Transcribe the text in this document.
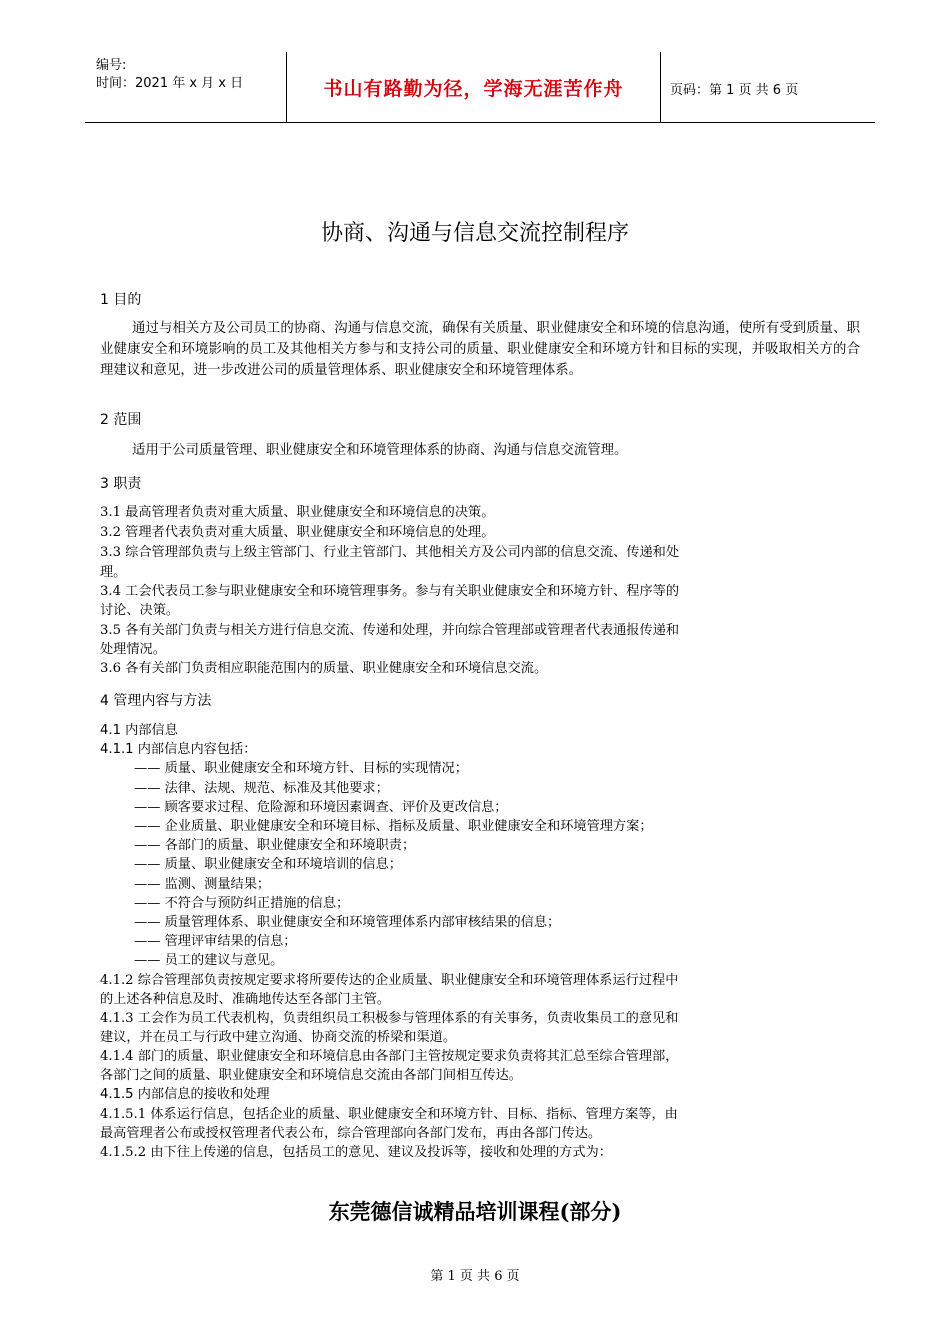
编号:
时间：2021 年 x 月 x 日	书山有路勤为径，学海无涯苦作舟	页码：第 1 页 共 6 页
协商、沟通与信息交流控制程序
1 目的
通过与相关方及公司员工的协商、沟通与信息交流，确保有关质量、职业健康安全和环境的信息沟通，使所有受到质量、职业健康安全和环境影响的员工及其他相关方参与和支持公司的质量、职业健康安全和环境方针和目标的实现，并吸取相关方的合理建议和意见，进一步改进公司的质量管理体系、职业健康安全和环境管理体系。
2 范围
适用于公司质量管理、职业健康安全和环境管理体系的协商、沟通与信息交流管理。
3 职责
3.1 最高管理者负责对重大质量、职业健康安全和环境信息的决策。
3.2 管理者代表负责对重大质量、职业健康安全和环境信息的处理。
3.3 综合管理部负责与上级主管部门、行业主管部门、其他相关方及公司内部的信息交流、传递和处
理。
3.4 工会代表员工参与职业健康安全和环境管理事务。参与有关职业健康安全和环境方针、程序等的
讨论、决策。
3.5 各有关部门负责与相关方进行信息交流、传递和处理，并向综合管理部或管理者代表通报传递和
处理情况。
3.6 各有关部门负责相应职能范围内的质量、职业健康安全和环境信息交流。
4 管理内容与方法
4.1 内部信息
4.1.1 内部信息内容包括：
—— 质量、职业健康安全和环境方针、目标的实现情况；
—— 法律、法规、规范、标准及其他要求；
—— 顾客要求过程、危险源和环境因素调查、评价及更改信息；
—— 企业质量、职业健康安全和环境目标、指标及质量、职业健康安全和环境管理方案；
—— 各部门的质量、职业健康安全和环境职责；
—— 质量、职业健康安全和环境培训的信息；
—— 监测、测量结果；
—— 不符合与预防纠正措施的信息；
—— 质量管理体系、职业健康安全和环境管理体系内部审核结果的信息；
—— 管理评审结果的信息；
—— 员工的建议与意见。
4.1.2 综合管理部负责按规定要求将所要传达的企业质量、职业健康安全和环境管理体系运行过程中
的上述各种信息及时、准确地传达至各部门主管。
4.1.3 工会作为员工代表机构，负责组织员工积极参与管理体系的有关事务，负责收集员工的意见和
建议，并在员工与行政中建立沟通、协商交流的桥梁和渠道。
4.1.4 部门的质量、职业健康安全和环境信息由各部门主管按规定要求负责将其汇总至综合管理部，
各部门之间的质量、职业健康安全和环境信息交流由各部门间相互传达。
4.1.5 内部信息的接收和处理
4.1.5.1 体系运行信息，包括企业的质量、职业健康安全和环境方针、目标、指标、管理方案等，由
最高管理者公布或授权管理者代表公布，综合管理部向各部门发布，再由各部门传达。
4.1.5.2 由下往上传递的信息，包括员工的意见、建议及投诉等，接收和处理的方式为：
东莞德信诚精品培训课程(部分)
第 1 页 共 6 页
